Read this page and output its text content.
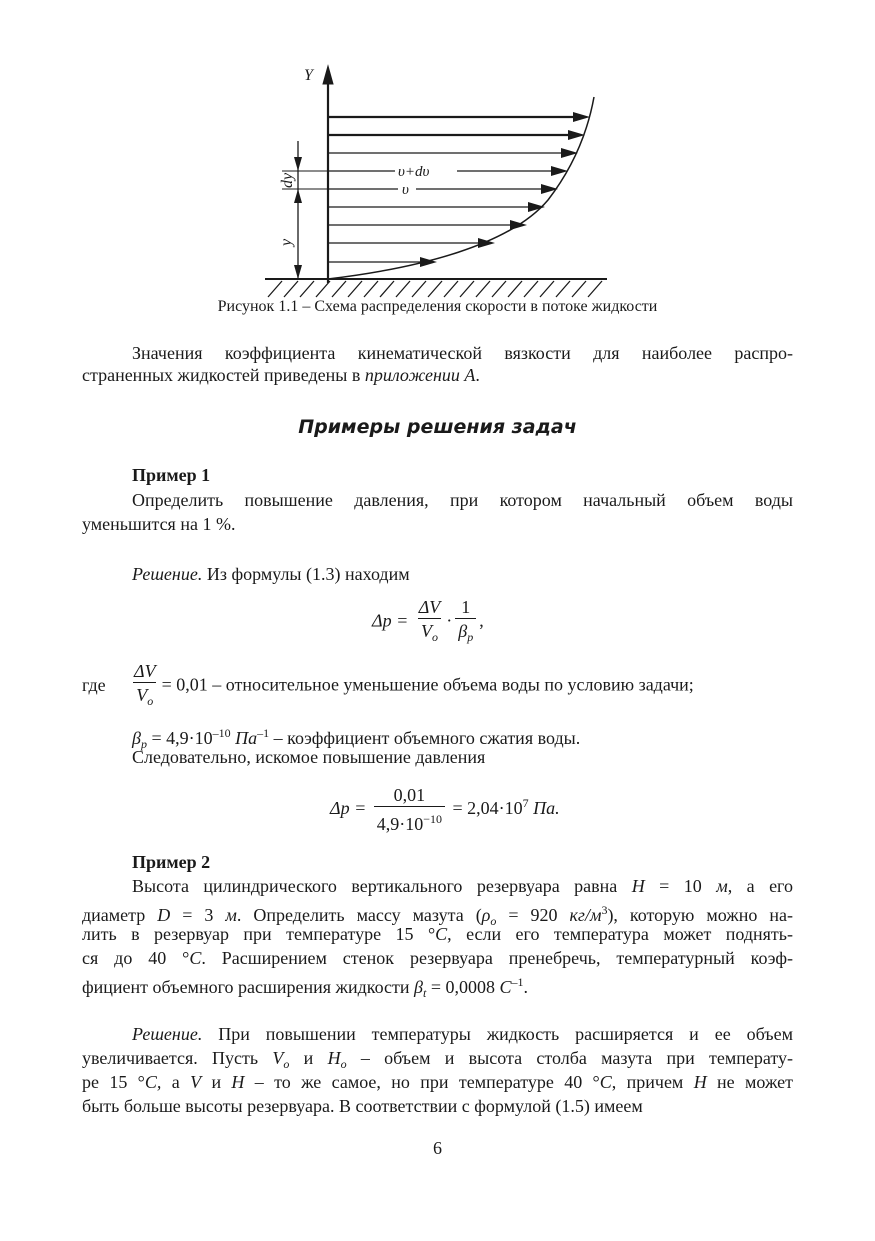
Y
υ+dυ
υ
dy
y
Рисунок 1.1 – Схема распределения скорости в потоке жидкости
Значения коэффициента кинематической вязкости для наиболее распро-
страненных жидкостей приведены в приложении А.
Примеры решения задач
Пример 1
Определить повышение давления, при котором начальный объем воды
уменьшится на 1 %.
Решение. Из формулы (1.3) находим
$\Delta p = \frac{\Delta V}{V_o} \cdot \frac{1}{\beta_p}$ ,
где $\frac{\Delta V}{V_o} = 0,01$ – относительное уменьшение объема воды по условию задачи;
$\beta_p = 4,9\cdot 10^{-10}$ $Па^{-1}$ – коэффициент объемного сжатия воды.
Следовательно, искомое повышение давления
$\Delta p = \frac{0,01}{4,9\cdot 10^{-10}} = 2,04\cdot 10^7$ Па.
Пример 2
Высота цилиндрического вертикального резервуара равна H = 10 м, а его
диаметр D = 3 м. Определить массу мазута ($\rho_o = 920$ $кг/м^3$), которую можно на-
лить в резервуар при температуре 15 °C, если его температура может поднять-
ся до 40 °C. Расширением стенок резервуара пренебречь, температурный коэф-
фициент объемного расширения жидкости $\beta_t = 0,0008$ $C^{-1}$.
Решение. При повышении температуры жидкость расширяется и ее объем
увеличивается. Пусть $V_o$ и $H_o$ – объем и высота столба мазута при температу-
ре 15 °C, а V и H – то же самое, но при температуре 40 °C, причем H не может
быть больше высоты резервуара. В соответствии с формулой (1.5) имеем
6
